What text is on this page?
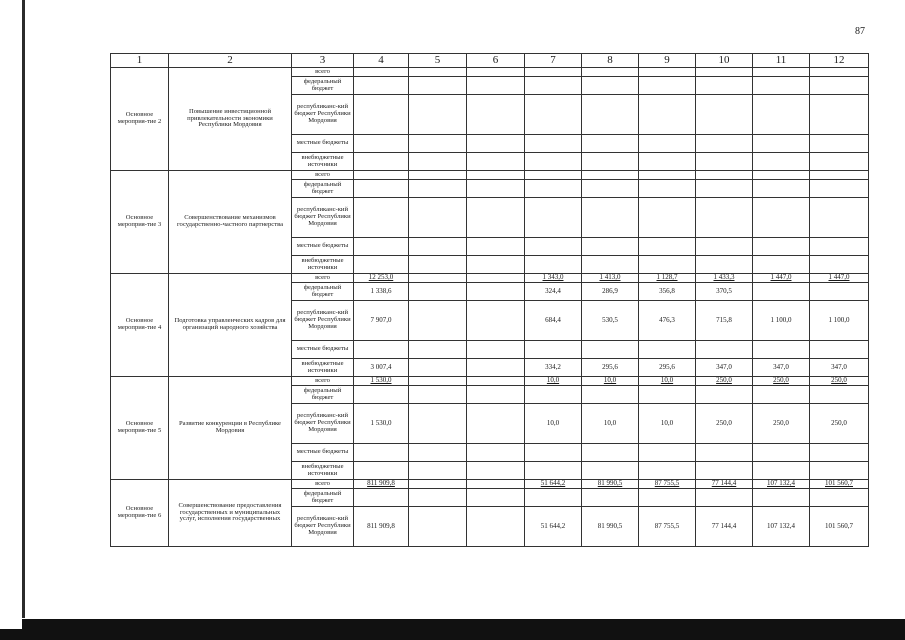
87
1	2	3	4	5	6	7	8	9	10	11	12
Основное мероприя-тие 2	Повышение инвестиционной привлекательности экономики Республики Мордовия	всего									
		федеральный бюджет									
		республиканс-кий бюджет Республики Мордовия									
		местные бюджеты									
		внебюджетные источники									
Основное мероприя-тие 3	Совершенствование механизмов государственно-частного партнерства	всего									
		федеральный бюджет									
		республиканс-кий бюджет Республики Мордовия									
		местные бюджеты									
		внебюджетные источники									
Основное мероприя-тие 4	Подготовка управленческих кадров для организаций народного хозяйства	всего	12 253,0			1 343,0	1 413,0	1 128,7	1 433,3	1 447,0	1 447,0
		федеральный бюджет	1 338,6			324,4	286,9	356,8	370,5		
		республиканс-кий бюджет Республики Мордовия	7 907,0			684,4	530,5	476,3	715,8	1 100,0	1 100,0
		местные бюджеты									
		внебюджетные источники	3 007,4			334,2	295,6	295,6	347,0	347,0	347,0
Основное мероприя-тие 5	Развитие конкуренции в Республике Мордовия	всего	1 530,0			10,0	10,0	10,0	250,0	250,0	250,0
		федеральный бюджет									
		республиканс-кий бюджет Республики Мордовия	1 530,0			10,0	10,0	10,0	250,0	250,0	250,0
		местные бюджеты									
		внебюджетные источники									
Основное мероприя-тие 6	Совершенствование предоставления государственных и муниципальных услуг, исполнения государственных	всего	811 909,8			51 644,2	81 990,5	87 755,5	77 144,4	107 132,4	101 560,7
		федеральный бюджет									
		республиканс-кий бюджет Республики Мордовия	811 909,8			51 644,2	81 990,5	87 755,5	77 144,4	107 132,4	101 560,7
